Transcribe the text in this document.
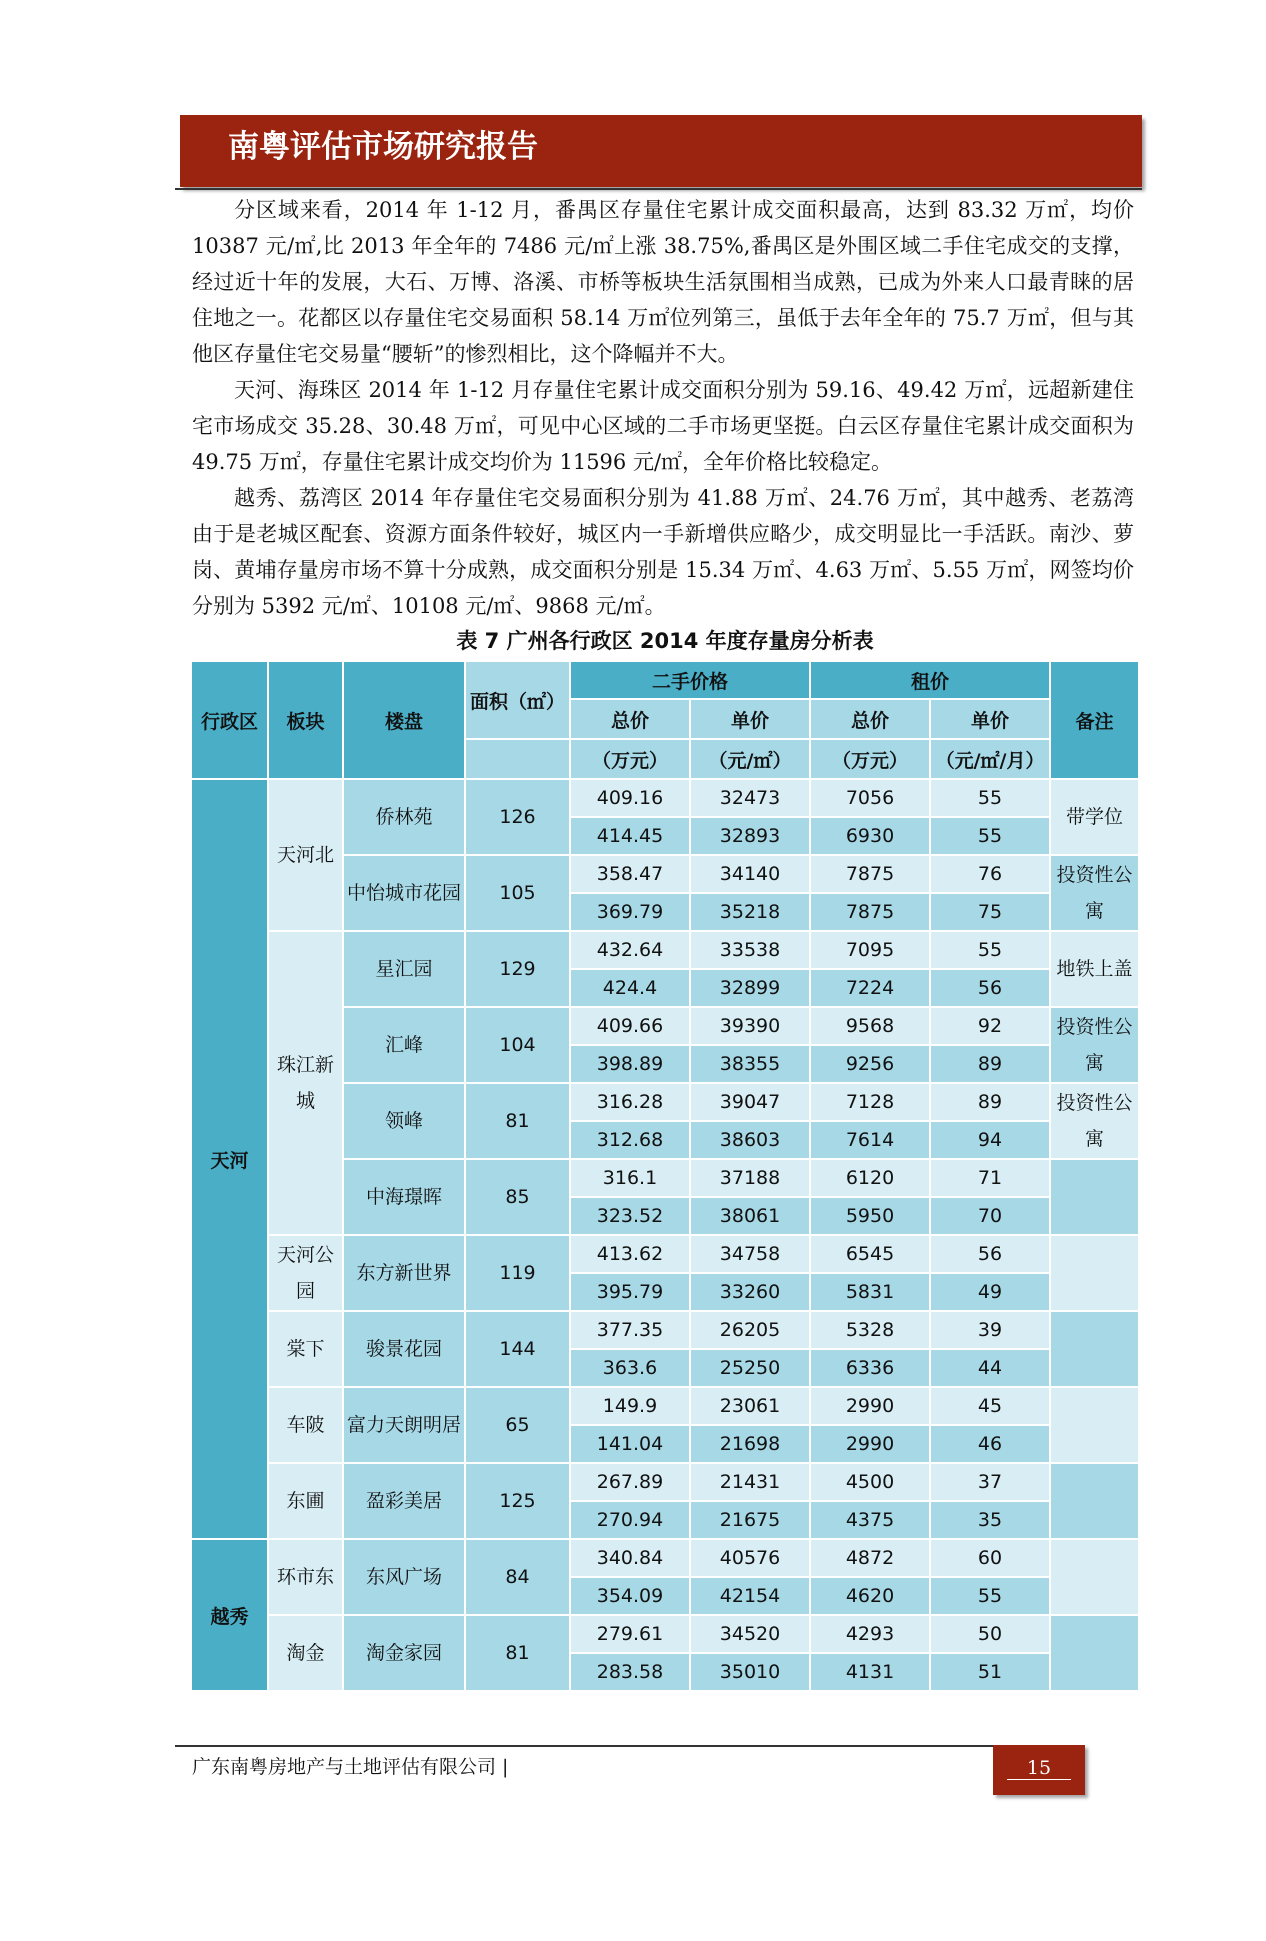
南粤评估市场研究报告

分区域来看，2014 年 1-12 月，番禺区存量住宅累计成交面积最高，达到 83.32 万㎡，均价 10387 元/㎡,比 2013 年全年的 7486 元/㎡上涨 38.75%,番禺区是外围区域二手住宅成交的支撑，经过近十年的发展，大石、万博、洛溪、市桥等板块生活氛围相当成熟，已成为外来人口最青睐的居住地之一。花都区以存量住宅交易面积 58.14 万㎡位列第三，虽低于去年全年的 75.7 万㎡，但与其他区存量住宅交易量“腰斩”的惨烈相比，这个降幅并不大。

天河、海珠区 2014 年 1-12 月存量住宅累计成交面积分别为 59.16、49.42 万㎡，远超新建住宅市场成交 35.28、30.48 万㎡，可见中心区域的二手市场更坚挺。白云区存量住宅累计成交面积为 49.75 万㎡，存量住宅累计成交均价为 11596 元/㎡，全年价格比较稳定。

越秀、荔湾区 2014 年存量住宅交易面积分别为 41.88 万㎡、24.76 万㎡，其中越秀、老荔湾由于是老城区配套、资源方面条件较好，城区内一手新增供应略少，成交明显比一手活跃。南沙、萝岗、黄埔存量房市场不算十分成熟，成交面积分别是 15.34 万㎡、4.63 万㎡、5.55 万㎡，网签均价分别为 5392 元/㎡、10108 元/㎡、9868 元/㎡。

表 7 广州各行政区 2014 年度存量房分析表
行政区	板块	楼盘	面积（㎡）	二手价格		租价		备注
				总价	单价	总价	单价	
				（万元）	（元/㎡）	（万元）	（元/㎡/月）	
天河	天河北	侨林苑	126	409.16	32473	7056	55	带学位
				414.45	32893	6930	55	
		中怡城市花园	105	358.47	34140	7875	76	投资性公寓
				369.79	35218	7875	75	
	珠江新城	星汇园	129	432.64	33538	7095	55	地铁上盖
				424.4	32899	7224	56	
		汇峰	104	409.66	39390	9568	92	投资性公寓
				398.89	38355	9256	89	
		领峰	81	316.28	39047	7128	89	投资性公寓
				312.68	38603	7614	94	
		中海璟晖	85	316.1	37188	6120	71	
				323.52	38061	5950	70	
	天河公园	东方新世界	119	413.62	34758	6545	56	
				395.79	33260	5831	49	
	棠下	骏景花园	144	377.35	26205	5328	39	
				363.6	25250	6336	44	
	车陂	富力天朗明居	65	149.9	23061	2990	45	
				141.04	21698	2990	46	
	东圃	盈彩美居	125	267.89	21431	4500	37	
				270.94	21675	4375	35	
越秀	环市东	东风广场	84	340.84	40576	4872	60	
				354.09	42154	4620	55	
	淘金	淘金家园	81	279.61	34520	4293	50	
				283.58	35010	4131	51	
广东南粤房地产与土地评估有限公司 |	15
